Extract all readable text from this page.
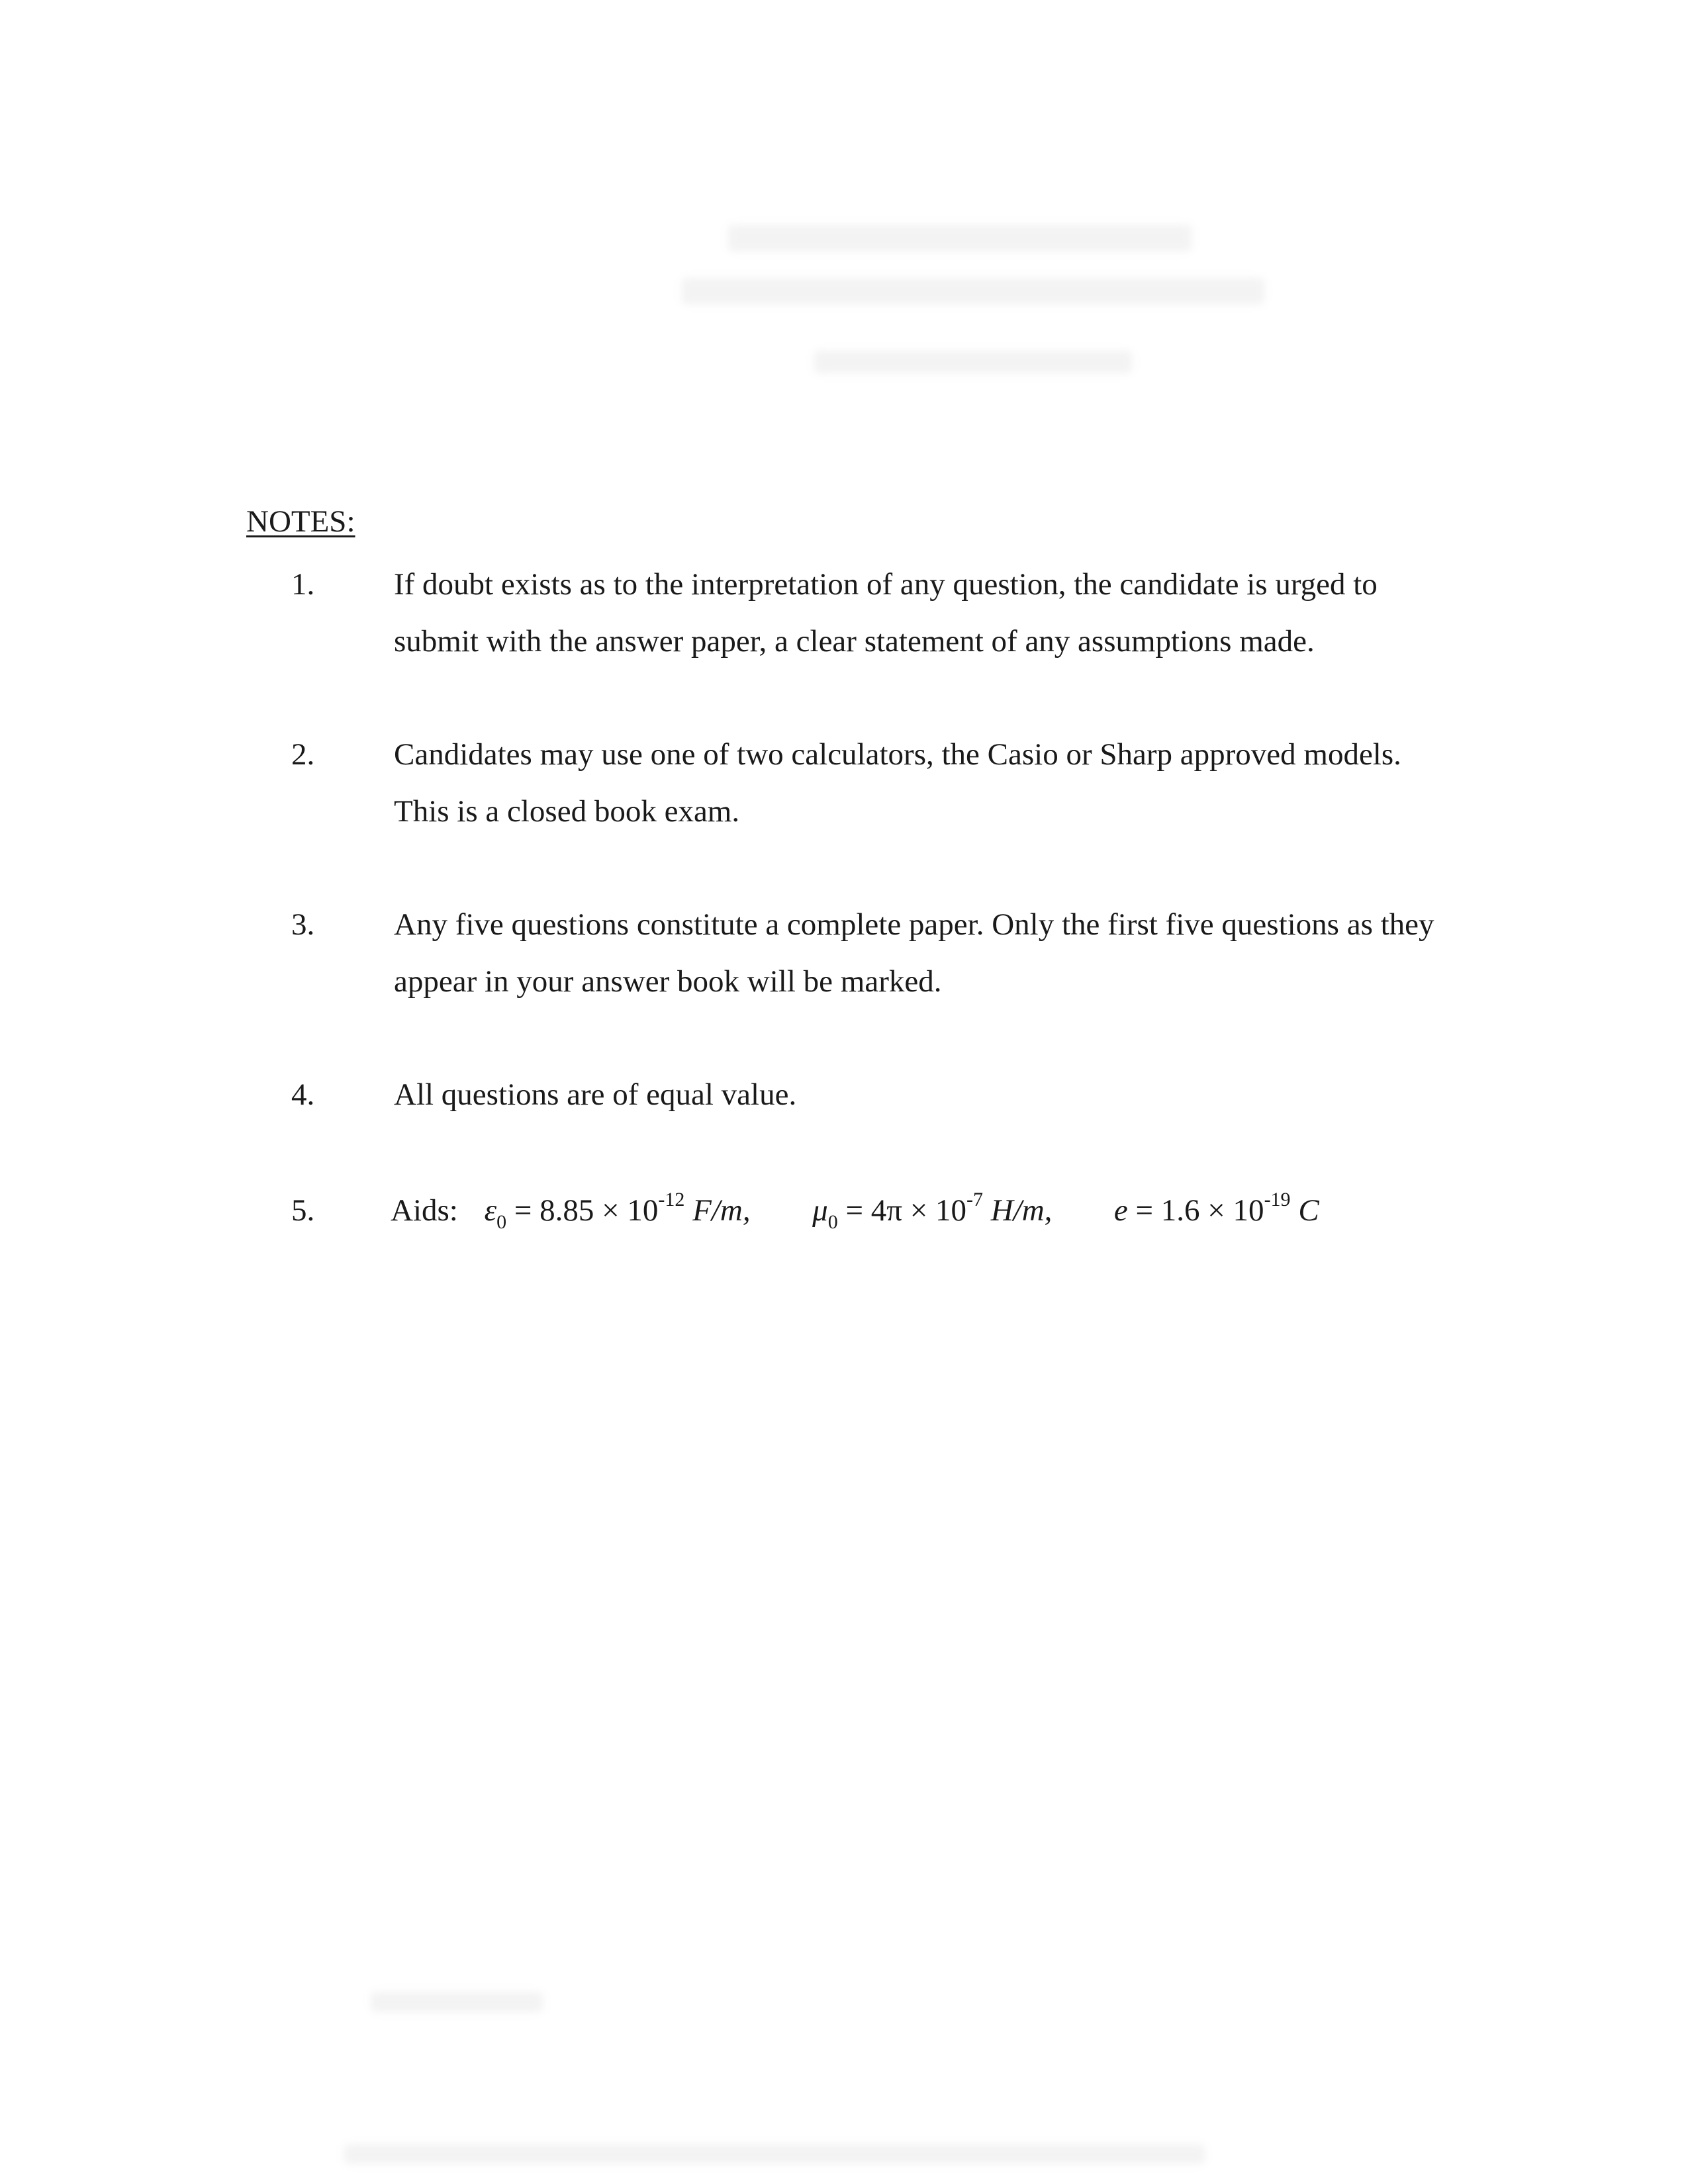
NOTES:
1.	If doubt exists as to the interpretation of any question, the candidate is urged to
submit with the answer paper, a clear statement of any assumptions made.
2.	Candidates may use one of two calculators, the Casio or Sharp approved models.
This is a closed book exam.
3.	Any five questions constitute a complete paper. Only the first five questions as they
appear in your answer book will be marked.
4.	All questions are of equal value.
5. Aids: $\varepsilon_0 = 8.85 \times 10^{-12}$ F/m, $\mu_0 = 4\pi \times 10^{-7}$ H/m, $e = 1.6 \times 10^{-19}$ C
